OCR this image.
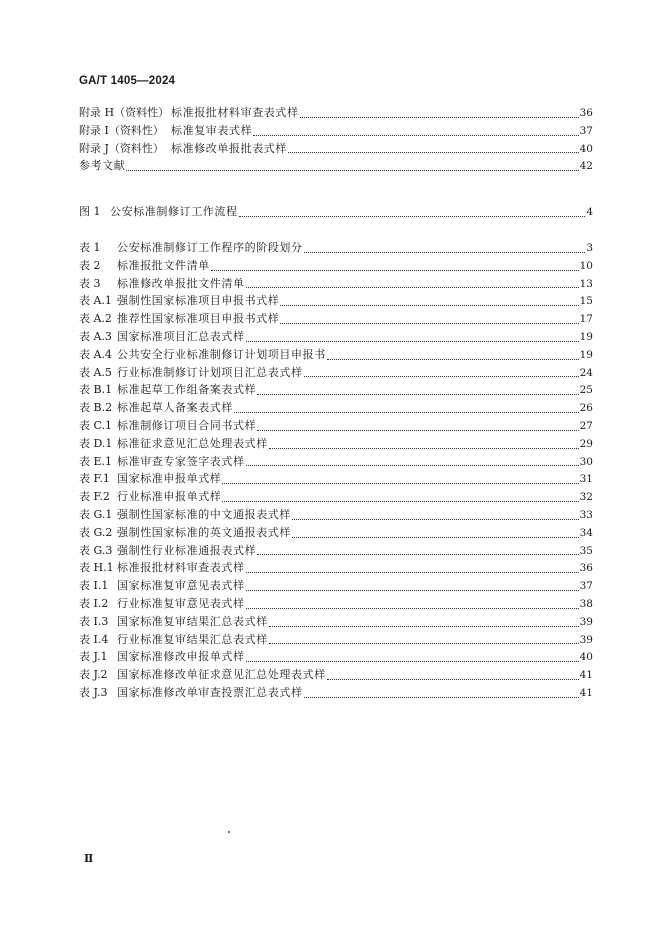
GA/T 1405—2024
附录 H（资料性） 标准报批材料审查表式样	36
附录 I（资料性） 标准复审表式样	37
附录 J（资料性） 标准修改单报批表式样	40
参考文献	42
图 1 公安标准制修订工作流程	4
表 1	公安标准制修订工作程序的阶段划分	3
表 2	标准报批文件清单	10
表 3	标准修改单报批文件清单	13
表 A.1 强制性国家标准项目申报书式样	15
表 A.2 推荐性国家标准项目申报书式样	17
表 A.3 国家标准项目汇总表式样	19
表 A.4 公共安全行业标准制修订计划项目申报书	19
表 A.5 行业标准制修订计划项目汇总表式样	24
表 B.1 标准起草工作组备案表式样	25
表 B.2 标准起草人备案表式样	26
表 C.1 标准制修订项目合同书式样	27
表 D.1 标准征求意见汇总处理表式样	29
表 E.1 标准审查专家签字表式样	30
表 F.1 国家标准申报单式样	31
表 F.2 行业标准申报单式样	32
表 G.1 强制性国家标准的中文通报表式样	33
表 G.2 强制性国家标准的英文通报表式样	34
表 G.3 强制性行业标准通报表式样	35
表 H.1 标准报批材料审查表式样	36
表 I.1 国家标准复审意见表式样	37
表 I.2 行业标准复审意见表式样	38
表 I.3 国家标准复审结果汇总表式样	39
表 I.4 行业标准复审结果汇总表式样	39
表 J.1 国家标准修改申报单式样	40
表 J.2 国家标准修改单征求意见汇总处理表式样	41
表 J.3 国家标准修改单审查投票汇总表式样	41
Ⅱ
